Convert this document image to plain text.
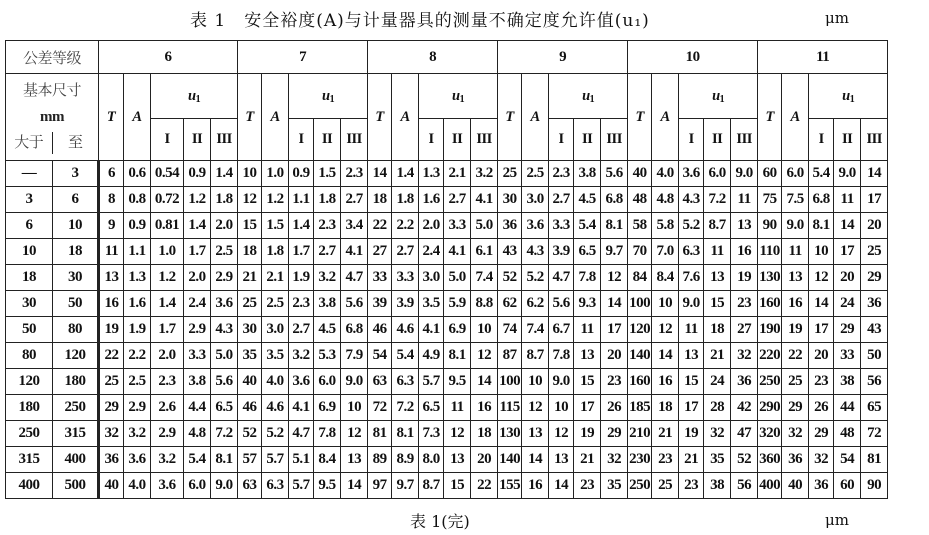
表 1　安全裕度(A)与计量器具的测量不确定度允许值(u₁)	μm
公差等级		6					7					8					9					10					11				

基本尺寸
mm
大于 至		T	A	$u_1$			T	A	$u_1$			T	A	$u_1$			T	A	$u_1$			T	A	$u_1$			T	A	$u_1$
				I	II	III			I	II	III			I	II	III			I	II	III			I	II	III			I	II	III
—	3	6	0.6	0.54	0.9	1.4	10	1.0	0.9	1.5	2.3	14	1.4	1.3	2.1	3.2	25	2.5	2.3	3.8	5.6	40	4.0	3.6	6.0	9.0	60	6.0	5.4	9.0	14
3	6	8	0.8	0.72	1.2	1.8	12	1.2	1.1	1.8	2.7	18	1.8	1.6	2.7	4.1	30	3.0	2.7	4.5	6.8	48	4.8	4.3	7.2	11	75	7.5	6.8	11	17
6	10	9	0.9	0.81	1.4	2.0	15	1.5	1.4	2.3	3.4	22	2.2	2.0	3.3	5.0	36	3.6	3.3	5.4	8.1	58	5.8	5.2	8.7	13	90	9.0	8.1	14	20
10	18	11	1.1	1.0	1.7	2.5	18	1.8	1.7	2.7	4.1	27	2.7	2.4	4.1	6.1	43	4.3	3.9	6.5	9.7	70	7.0	6.3	11	16	110	11	10	17	25
18	30	13	1.3	1.2	2.0	2.9	21	2.1	1.9	3.2	4.7	33	3.3	3.0	5.0	7.4	52	5.2	4.7	7.8	12	84	8.4	7.6	13	19	130	13	12	20	29
30	50	16	1.6	1.4	2.4	3.6	25	2.5	2.3	3.8	5.6	39	3.9	3.5	5.9	8.8	62	6.2	5.6	9.3	14	100	10	9.0	15	23	160	16	14	24	36
50	80	19	1.9	1.7	2.9	4.3	30	3.0	2.7	4.5	6.8	46	4.6	4.1	6.9	10	74	7.4	6.7	11	17	120	12	11	18	27	190	19	17	29	43
80	120	22	2.2	2.0	3.3	5.0	35	3.5	3.2	5.3	7.9	54	5.4	4.9	8.1	12	87	8.7	7.8	13	20	140	14	13	21	32	220	22	20	33	50
120	180	25	2.5	2.3	3.8	5.6	40	4.0	3.6	6.0	9.0	63	6.3	5.7	9.5	14	100	10	9.0	15	23	160	16	15	24	36	250	25	23	38	56
180	250	29	2.9	2.6	4.4	6.5	46	4.6	4.1	6.9	10	72	7.2	6.5	11	16	115	12	10	17	26	185	18	17	28	42	290	29	26	44	65
250	315	32	3.2	2.9	4.8	7.2	52	5.2	4.7	7.8	12	81	8.1	7.3	12	18	130	13	12	19	29	210	21	19	32	47	320	32	29	48	72
315	400	36	3.6	3.2	5.4	8.1	57	5.7	5.1	8.4	13	89	8.9	8.0	13	20	140	14	13	21	32	230	23	21	35	52	360	36	32	54	81
400	500	40	4.0	3.6	6.0	9.0	63	6.3	5.7	9.5	14	97	9.7	8.7	15	22	155	16	14	23	35	250	25	23	38	56	400	40	36	60	90
表 1(完)	μm
